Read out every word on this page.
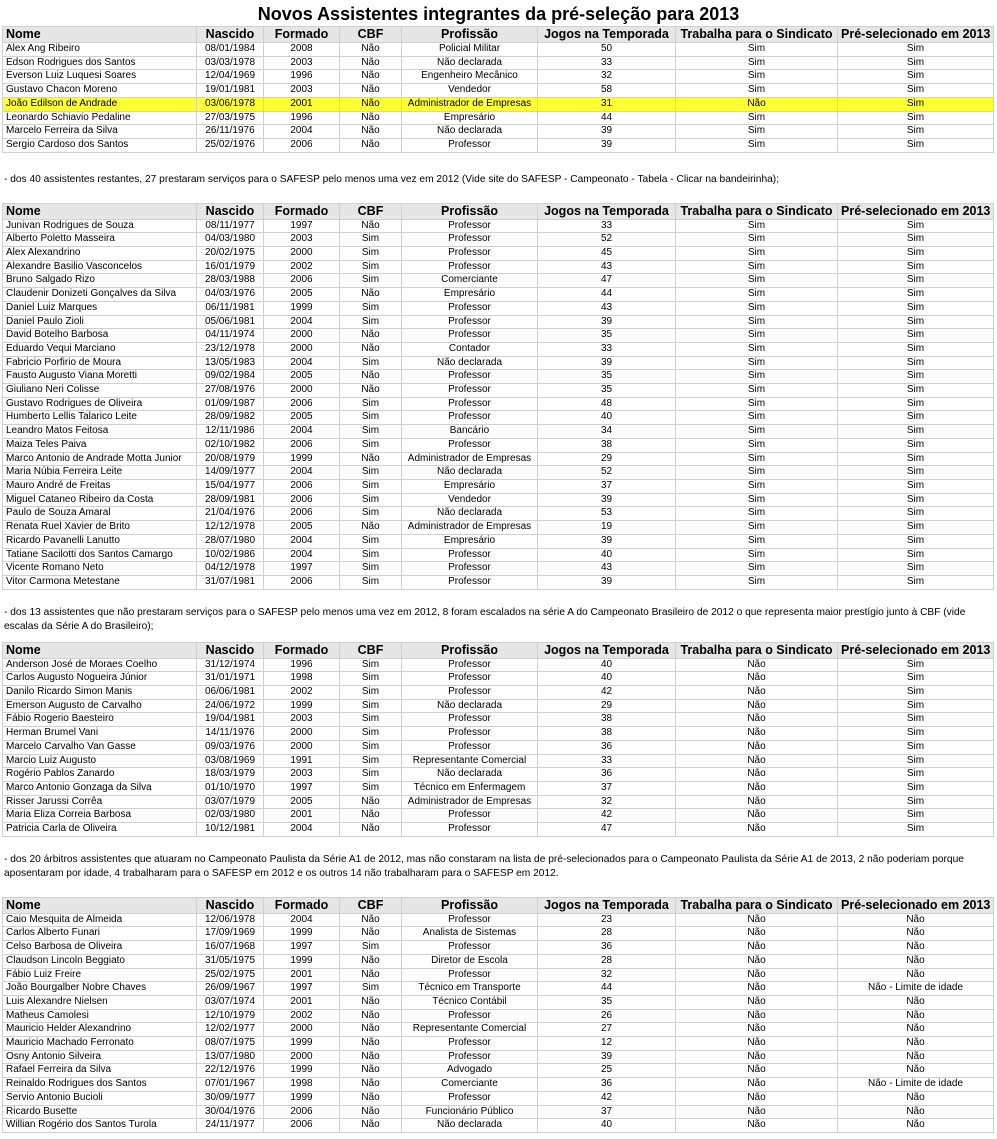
Novos Assistentes integrantes da pré-seleção para 2013
Nome	Nascido	Formado	CBF	Profissão	Jogos na Temporada	Trabalha para o Sindicato	Pré-selecionado em 2013
Alex Ang Ribeiro	08/01/1984	2008	Não	Policial Militar	50	Sim	Sim
Edson Rodrigues dos Santos	03/03/1978	2003	Não	Não declarada	33	Sim	Sim
Everson Luiz Luquesi Soares	12/04/1969	1996	Não	Engenheiro Mecânico	32	Sim	Sim
Gustavo Chacon Moreno	19/01/1981	2003	Não	Vendedor	58	Sim	Sim
João Edilson de Andrade	03/06/1978	2001	Não	Administrador de Empresas	31	Não	Sim
Leonardo Schiavio Pedaline	27/03/1975	1996	Não	Empresário	44	Sim	Sim
Marcelo Ferreira da Silva	26/11/1976	2004	Não	Não declarada	39	Sim	Sim
Sergio Cardoso dos Santos	25/02/1976	2006	Não	Professor	39	Sim	Sim

- dos 40 assistentes restantes, 27 prestaram serviços para o SAFESP pelo menos uma vez em 2012 (Vide site do SAFESP - Campeonato - Tabela - Clicar na bandeirinha);

Nome	Nascido	Formado	CBF	Profissão	Jogos na Temporada	Trabalha para o Sindicato	Pré-selecionado em 2013
Junivan Rodrigues de Souza	08/11/1977	1997	Não	Professor	33	Sim	Sim
Alberto Poletto Masseira	04/03/1980	2003	Sim	Professor	52	Sim	Sim
Alex Alexandrino	20/02/1975	2000	Sim	Professor	45	Sim	Sim
Alexandre Basilio Vasconcelos	16/01/1979	2002	Sim	Professor	43	Sim	Sim
Bruno Salgado Rizo	28/03/1988	2006	Sim	Comerciante	47	Sim	Sim
Claudenir Donizeti Gonçalves da Silva	04/03/1976	2005	Não	Empresário	44	Sim	Sim
Daniel Luiz Marques	06/11/1981	1999	Sim	Professor	43	Sim	Sim
Daniel Paulo Zioli	05/06/1981	2004	Sim	Professor	39	Sim	Sim
David Botelho Barbosa	04/11/1974	2000	Não	Professor	35	Sim	Sim
Eduardo Vequi Marciano	23/12/1978	2000	Não	Contador	33	Sim	Sim
Fabricio Porfirio de Moura	13/05/1983	2004	Sim	Não declarada	39	Sim	Sim
Fausto Augusto Viana Moretti	09/02/1984	2005	Não	Professor	35	Sim	Sim
Giuliano Neri Colisse	27/08/1976	2000	Não	Professor	35	Sim	Sim
Gustavo Rodrigues de Oliveira	01/09/1987	2006	Sim	Professor	48	Sim	Sim
Humberto Lellis Talarico Leite	28/09/1982	2005	Sim	Professor	40	Sim	Sim
Leandro Matos Feitosa	12/11/1986	2004	Sim	Bancário	34	Sim	Sim
Maiza Teles Paiva	02/10/1982	2006	Sim	Professor	38	Sim	Sim
Marco Antonio de Andrade Motta Junior	20/08/1979	1999	Não	Administrador de Empresas	29	Sim	Sim
Maria Núbia Ferreira Leite	14/09/1977	2004	Sim	Não declarada	52	Sim	Sim
Mauro André de Freitas	15/04/1977	2006	Sim	Empresário	37	Sim	Sim
Miguel Cataneo Ribeiro da Costa	28/09/1981	2006	Sim	Vendedor	39	Sim	Sim
Paulo de Souza Amaral	21/04/1976	2006	Sim	Não declarada	53	Sim	Sim
Renata Ruel Xavier de Brito	12/12/1978	2005	Não	Administrador de Empresas	19	Sim	Sim
Ricardo Pavanelli Lanutto	28/07/1980	2004	Sim	Empresário	39	Sim	Sim
Tatiane Sacilotti dos Santos Camargo	10/02/1986	2004	Sim	Professor	40	Sim	Sim
Vicente Romano Neto	04/12/1978	1997	Sim	Professor	43	Sim	Sim
Vitor Carmona Metestane	31/07/1981	2006	Sim	Professor	39	Sim	Sim

- dos 13 assistentes que não prestaram serviços para o SAFESP pelo menos uma vez em 2012, 8 foram escalados na série A do Campeonato Brasileiro de 2012 o que representa maior prestígio junto à CBF (vide escalas da Série A do Brasileiro);

Nome	Nascido	Formado	CBF	Profissão	Jogos na Temporada	Trabalha para o Sindicato	Pré-selecionado em 2013
Anderson José de Moraes Coelho	31/12/1974	1996	Sim	Professor	40	Não	Sim
Carlos Augusto Nogueira Júnior	31/01/1971	1998	Sim	Professor	40	Não	Sim
Danilo Ricardo Simon Manis	06/06/1981	2002	Sim	Professor	42	Não	Sim
Emerson Augusto de Carvalho	24/06/1972	1999	Sim	Não declarada	29	Não	Sim
Fábio Rogerio Baesteiro	19/04/1981	2003	Sim	Professor	38	Não	Sim
Herman Brumel Vani	14/11/1976	2000	Sim	Professor	38	Não	Sim
Marcelo Carvalho Van Gasse	09/03/1976	2000	Sim	Professor	36	Não	Sim
Marcio Luiz Augusto	03/08/1969	1991	Sim	Representante Comercial	33	Não	Sim
Rogério Pablos Zanardo	18/03/1979	2003	Sim	Não declarada	36	Não	Sim
Marco Antonio Gonzaga da Silva	01/10/1970	1997	Sim	Técnico em Enfermagem	37	Não	Sim
Risser Jarussi Corrêa	03/07/1979	2005	Não	Administrador de Empresas	32	Não	Sim
Maria Eliza Correia Barbosa	02/03/1980	2001	Não	Professor	42	Não	Sim
Patricia Carla de Oliveira	10/12/1981	2004	Não	Professor	47	Não	Sim

- dos 20 árbitros assistentes que atuaram no Campeonato Paulista da Série A1 de 2012, mas não constaram na lista de pré-selecionados para o Campeonato Paulista da Série A1 de 2013, 2 não poderiam porque aposentaram por idade, 4 trabalharam para o SAFESP em 2012 e os outros 14 não trabalharam para o SAFESP em 2012.

Nome	Nascido	Formado	CBF	Profissão	Jogos na Temporada	Trabalha para o Sindicato	Pré-selecionado em 2013
Caio Mesquita de Almeida	12/06/1978	2004	Não	Professor	23	Não	Não
Carlos Alberto Funari	17/09/1969	1999	Não	Analista de Sistemas	28	Não	Não
Celso Barbosa de Oliveira	16/07/1968	1997	Sim	Professor	36	Não	Não
Claudson Lincoln Beggiato	31/05/1975	1999	Não	Diretor de Escola	28	Não	Não
Fábio Luiz Freire	25/02/1975	2001	Não	Professor	32	Não	Não
João Bourgalber Nobre Chaves	26/09/1967	1997	Sim	Técnico em Transporte	44	Não	Não - Limite de idade
Luis Alexandre Nielsen	03/07/1974	2001	Não	Técnico Contábil	35	Não	Não
Matheus Camolesi	12/10/1979	2002	Não	Professor	26	Não	Não
Mauricio Helder Alexandrino	12/02/1977	2000	Não	Representante Comercial	27	Não	Não
Mauricio Machado Ferronato	08/07/1975	1999	Não	Professor	12	Não	Não
Osny Antonio Silveira	13/07/1980	2000	Não	Professor	39	Não	Não
Rafael Ferreira da Silva	22/12/1976	1999	Não	Advogado	25	Não	Não
Reinaldo Rodrigues dos Santos	07/01/1967	1998	Não	Comerciante	36	Não	Não - Limite de idade
Servio Antonio Bucioli	30/09/1977	1999	Não	Professor	42	Não	Não
Ricardo Busette	30/04/1976	2006	Não	Funcionário Público	37	Não	Não
Willian Rogério dos Santos Turola	24/11/1977	2006	Não	Não declarada	40	Não	Não
